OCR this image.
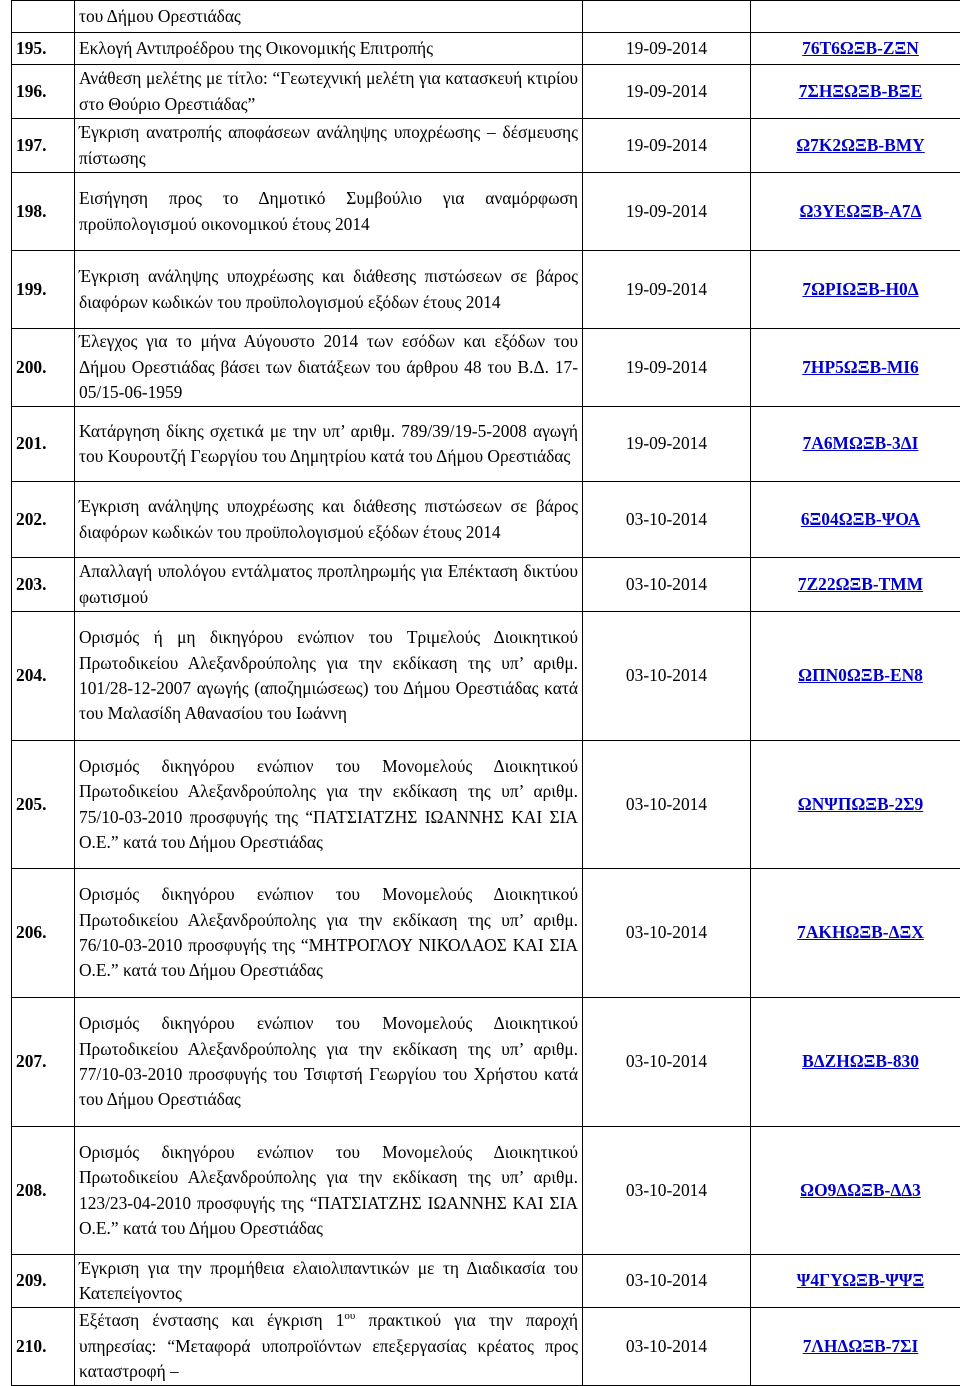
	του Δήμου Ορεστιάδας		
195.	Εκλογή Αντιπροέδρου της Οικονομικής Επιτροπής	19-09-2014	76Τ6ΩΞΒ-ΖΞΝ
196.	Ανάθεση μελέτης με τίτλο: “Γεωτεχνική μελέτη για κατασκευή κτιρίου στο Θούριο Ορεστιάδας”	19-09-2014	7ΣΗΞΩΞΒ-ΒΞΕ
197.	Έγκριση ανατροπής αποφάσεων ανάληψης υποχρέωσης – δέσμευσης πίστωσης	19-09-2014	Ω7Κ2ΩΞΒ-ΒΜΥ
198.	Εισήγηση προς το Δημοτικό Συμβούλιο για αναμόρφωση προϋπολογισμού οικονομικού έτους 2014	19-09-2014	Ω3ΥΕΩΞΒ-Α7Δ
199.	Έγκριση ανάληψης υποχρέωσης και διάθεσης πιστώσεων σε βάρος διαφόρων κωδικών του προϋπολογισμού εξόδων έτους 2014	19-09-2014	7ΩΡΙΩΞΒ-Η0Δ
200.	Έλεγχος για το μήνα Αύγουστο 2014 των εσόδων και εξόδων του Δήμου Ορεστιάδας βάσει των διατάξεων του άρθρου 48 του Β.Δ. 17-05/15-06-1959	19-09-2014	7ΗΡ5ΩΞΒ-ΜΙ6
201.	Κατάργηση δίκης σχετικά με την υπ’ αριθμ. 789/39/19-5-2008 αγωγή του Κουρουτζή Γεωργίου του Δημητρίου κατά του Δήμου Ορεστιάδας	19-09-2014	7Α6ΜΩΞΒ-3ΔΙ
202.	Έγκριση ανάληψης υποχρέωσης και διάθεσης πιστώσεων σε βάρος διαφόρων κωδικών του προϋπολογισμού εξόδων έτους 2014	03-10-2014	6Ξ04ΩΞΒ-ΨΟΑ
203.	Απαλλαγή υπολόγου εντάλματος προπληρωμής για Επέκταση δικτύου φωτισμού	03-10-2014	7Ζ22ΩΞΒ-ΤΜΜ
204.	Ορισμός ή μη δικηγόρου ενώπιον του Τριμελούς Διοικητικού Πρωτοδικείου Αλεξανδρούπολης για την εκδίκαση της υπ’ αριθμ. 101/28-12-2007 αγωγής (αποζημιώσεως) του Δήμου Ορεστιάδας κατά του Μαλασίδη Αθανασίου του Ιωάννη	03-10-2014	ΩΠΝ0ΩΞΒ-ΕΝ8
205.	Ορισμός δικηγόρου ενώπιον του Μονομελούς Διοικητικού Πρωτοδικείου Αλεξανδρούπολης για την εκδίκαση της υπ’ αριθμ. 75/10-03-2010 προσφυγής της “ΠΑΤΣΙΑΤΖΗΣ ΙΩΑΝΝΗΣ ΚΑΙ ΣΙΑ Ο.Ε.” κατά του Δήμου Ορεστιάδας	03-10-2014	ΩΝΨΠΩΞΒ-2Σ9
206.	Ορισμός δικηγόρου ενώπιον του Μονομελούς Διοικητικού Πρωτοδικείου Αλεξανδρούπολης για την εκδίκαση της υπ’ αριθμ. 76/10-03-2010 προσφυγής της “ΜΗΤΡΟΓΛΟΥ ΝΙΚΟΛΑΟΣ ΚΑΙ ΣΙΑ Ο.Ε.” κατά του Δήμου Ορεστιάδας	03-10-2014	7ΑΚΗΩΞΒ-ΔΞΧ
207.	Ορισμός δικηγόρου ενώπιον του Μονομελούς Διοικητικού Πρωτοδικείου Αλεξανδρούπολης για την εκδίκαση της υπ’ αριθμ. 77/10-03-2010 προσφυγής του Τσιφτσή Γεωργίου του Χρήστου κατά του Δήμου Ορεστιάδας	03-10-2014	ΒΔΖΗΩΞΒ-830
208.	Ορισμός δικηγόρου ενώπιον του Μονομελούς Διοικητικού Πρωτοδικείου Αλεξανδρούπολης για την εκδίκαση της υπ’ αριθμ. 123/23-04-2010 προσφυγής της “ΠΑΤΣΙΑΤΖΗΣ ΙΩΑΝΝΗΣ ΚΑΙ ΣΙΑ Ο.Ε.” κατά του Δήμου Ορεστιάδας	03-10-2014	ΩΟ9ΔΩΞΒ-ΔΔ3
209.	Έγκριση για την προμήθεια ελαιολιπαντικών με τη Διαδικασία του Κατεπείγοντος	03-10-2014	Ψ4ΓΥΩΞΒ-ΨΨΞ
210.	Εξέταση ένστασης και έγκριση $1^{o\upsilon}$ πρακτικού για την παροχή υπηρεσίας: “Μεταφορά υποπροϊόντων επεξεργασίας κρέατος προς καταστροφή –	03-10-2014	7ΛΗΔΩΞΒ-7ΣΙ
